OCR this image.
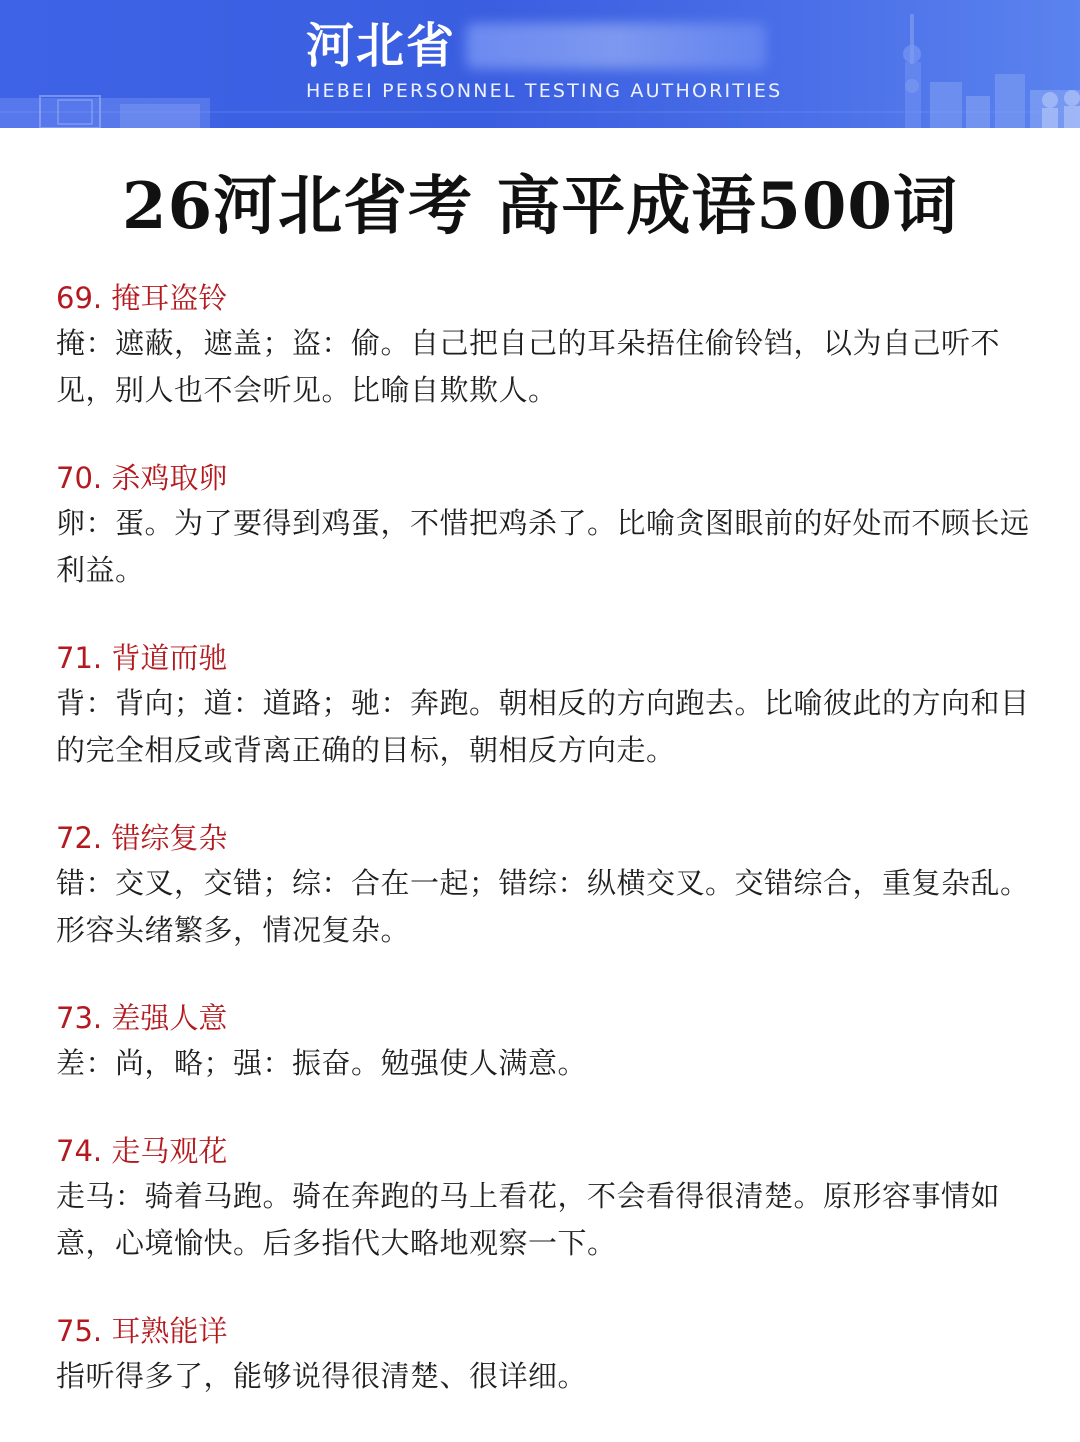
河北省
HEBEI PERSONNEL TESTING AUTHORITIES
26河北省考 高平成语500词
69. 掩耳盗铃
掩：遮蔽，遮盖；盗：偷。自己把自己的耳朵捂住偷铃铛，以为自己听不见，别人也不会听见。比喻自欺欺人。
70. 杀鸡取卵
卵：蛋。为了要得到鸡蛋，不惜把鸡杀了。比喻贪图眼前的好处而不顾长远利益。
71. 背道而驰
背：背向；道：道路；驰：奔跑。朝相反的方向跑去。比喻彼此的方向和目的完全相反或背离正确的目标，朝相反方向走。
72. 错综复杂
错：交叉，交错；综：合在一起；错综：纵横交叉。交错综合，重复杂乱。形容头绪繁多，情况复杂。
73. 差强人意
差：尚，略；强：振奋。勉强使人满意。
74. 走马观花
走马：骑着马跑。骑在奔跑的马上看花，不会看得很清楚。原形容事情如意，心境愉快。后多指代大略地观察一下。
75. 耳熟能详
指听得多了，能够说得很清楚、很详细。
